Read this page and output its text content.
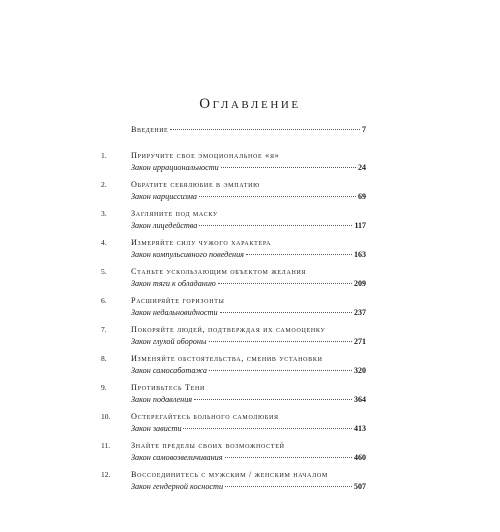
Оглавление
Введение	7
1.	Приручите свое эмоциональное «я»
Закон иррациональности	24
2.	Обратите себялюбие в эмпатию
Закон нарциссизма	69
3.	Загляните под маску
Закон лицедейства	117
4.	Измеряйте силу чужого характера
Закон компульсивного поведения	163
5.	Станьте ускользающим объектом желания
Закон тяги к обладанию	209
6.	Расширяйте горизонты
Закон недальновидности	237
7.	Покоряйте людей, подтверждая их самооценку
Закон глухой обороны	271
8.	Изменяйте обстоятельства, сменив установки
Закон самосаботажа	320
9.	Противьтесь Тени
Закон подавления	364
10.	Остерегайтесь больного самолюбия
Закон зависти	413
11.	Знайте пределы своих возможностей
Закон самовозвеличивания	460
12.	Воссоединитесь с мужским / женским началом
Закон гендерной косности	507
